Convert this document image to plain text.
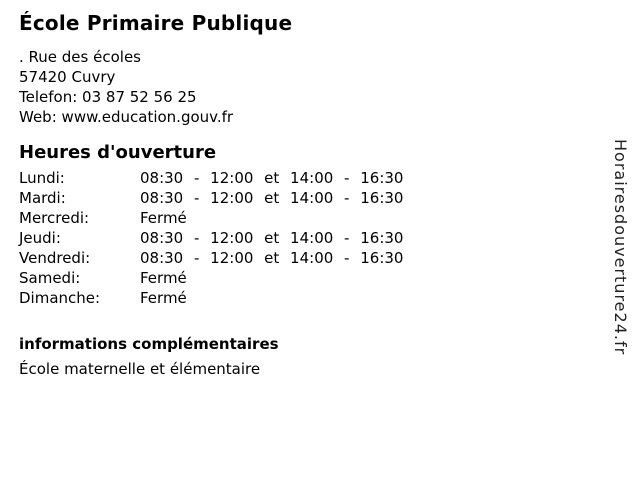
École Primaire Publique
. Rue des écoles
57420 Cuvry
Telefon: 03 87 52 56 25
Web: www.education.gouv.fr
Heures d'ouverture
Lundi:	08:30 - 12:00 et 14:00 - 16:30
Mardi:	08:30 - 12:00 et 14:00 - 16:30
Mercredi:	Fermé
Jeudi:	08:30 - 12:00 et 14:00 - 16:30
Vendredi:	08:30 - 12:00 et 14:00 - 16:30
Samedi:	Fermé
Dimanche:	Fermé
informations complémentaires
École maternelle et élémentaire
Horairesdouverture24.fr
